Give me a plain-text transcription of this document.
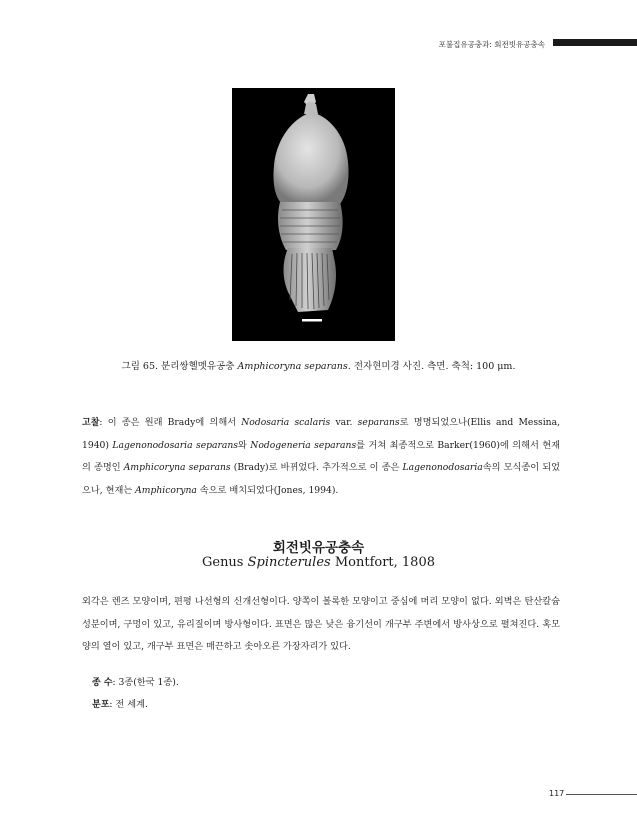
포불집유공충과: 회전빗유공충속
그림 65. 분리쌍헬멧유공충 Amphicoryna separans. 전자현미경 사진. 측면. 축척: 100 μm.

고찰: 이 종은 원래 Brady에 의해서 Nodosaria scalaris var. separans로 명명되었으나(Ellis and Messina, 1940) Lagenonodosaria separans와 Nodogeneria separans를 거쳐 최종적으로 Barker(1960)에 의해서 현재의 종명인 Amphicoryna separans (Brady)로 바뀌었다. 추가적으로 이 종은 Lagenonodosaria속의 모식종이 되었으나, 현재는 Amphicoryna 속으로 배치되었다(Jones, 1994).

회전빗유공충속
Genus Spincterules Montfort, 1808

외각은 렌즈 모양이며, 편평 나선형의 신개선형이다. 양쪽이 볼록한 모양이고 중심에 머리 모양이 없다. 외벽은 탄산칼슘 성분이며, 구멍이 있고, 유리질이며 방사형이다. 표면은 많은 낮은 융기선이 개구부 주변에서 방사상으로 펼쳐진다. 혹모양의 열이 있고, 개구부 표면은 매끈하고 솟아오른 가장자리가 있다.

종 수: 3종(한국 1종).
분포: 전 세계.
117
